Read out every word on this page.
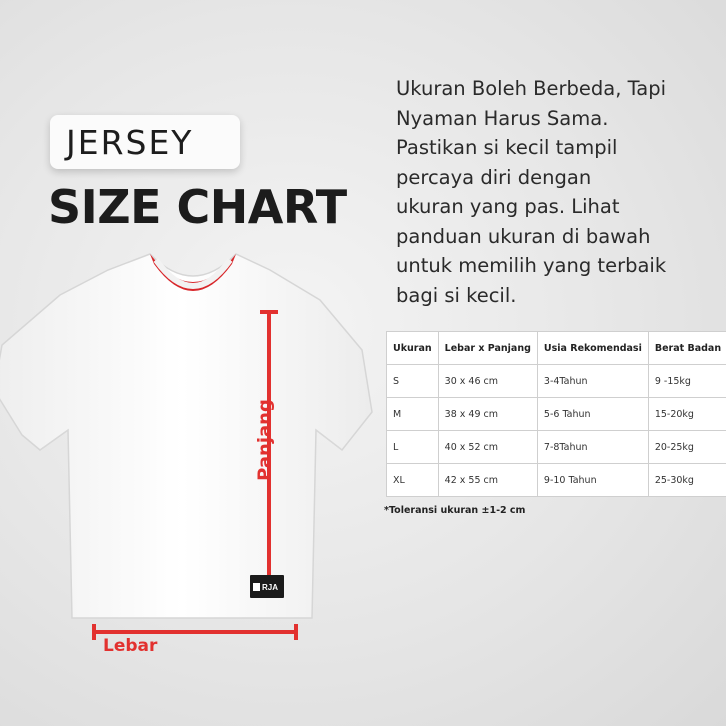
JERSEY
SIZE CHART
Ukuran Boleh Berbeda, Tapi
Nyaman Harus Sama.
Pastikan si kecil tampil
percaya diri dengan
ukuran yang pas. Lihat
panduan ukuran di bawah
untuk memilih yang terbaik
bagi si kecil.
RJA
Panjang
Lebar
Ukuran	Lebar x Panjang	Usia Rekomendasi	Berat Badan
S	30 x 46 cm	3-4Tahun	9 -15kg
M	38 x 49 cm	5-6 Tahun	15-20kg
L	40 x 52 cm	7-8Tahun	20-25kg
XL	42 x 55 cm	9-10 Tahun	25-30kg
*Toleransi ukuran ±1-2 cm
